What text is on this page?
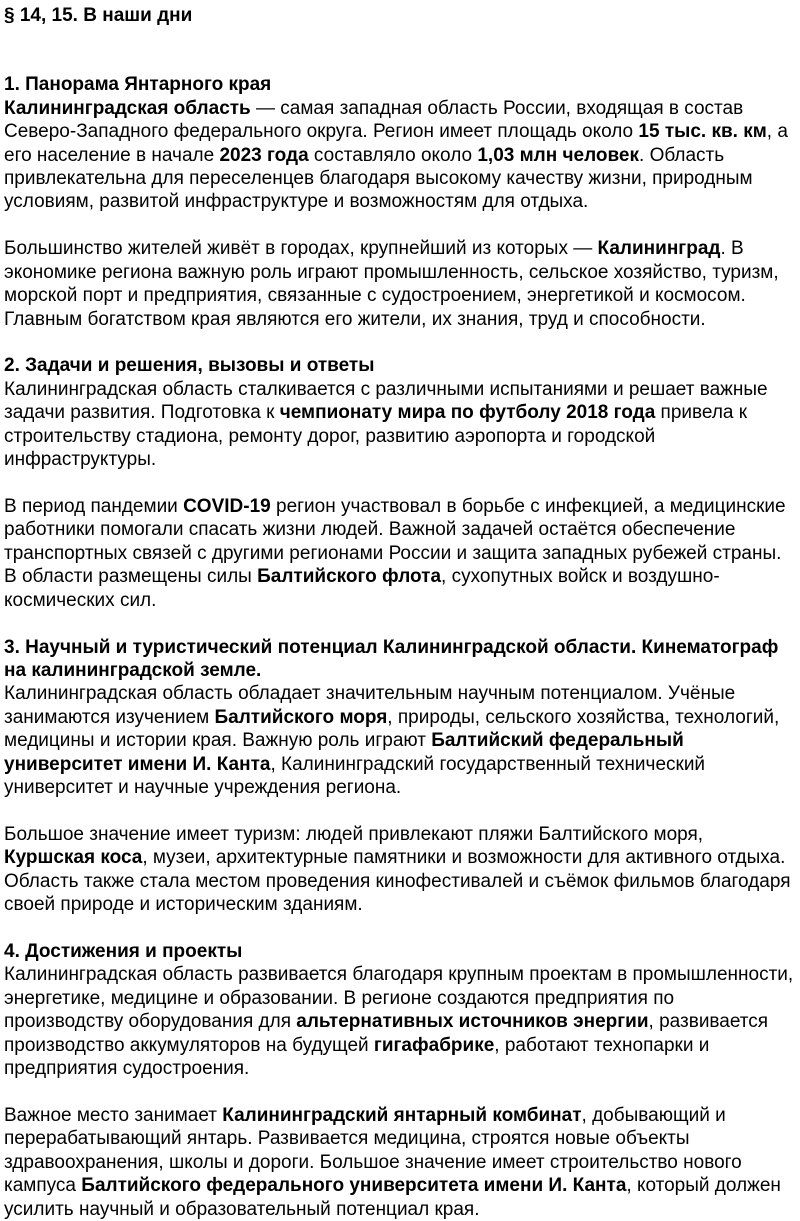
§ 14, 15. В наши дни
1. Панорама Янтарного края

Калининградская область — самая западная область России, входящая в состав Северо-Западного федерального округа. Регион имеет площадь около 15 тыс. кв. км, а его население в начале 2023 года составляло около 1,03 млн человек. Область привлекательна для переселенцев благодаря высокому качеству жизни, природным условиям, развитой инфраструктуре и возможностям для отдыха.

Большинство жителей живёт в городах, крупнейший из которых — Калининград. В экономике региона важную роль играют промышленность, сельское хозяйство, туризм, морской порт и предприятия, связанные с судостроением, энергетикой и космосом. Главным богатством края являются его жители, их знания, труд и способности.

2. Задачи и решения, вызовы и ответы

Калининградская область сталкивается с различными испытаниями и решает важные задачи развития. Подготовка к чемпионату мира по футболу 2018 года привела к строительству стадиона, ремонту дорог, развитию аэропорта и городской инфраструктуры.

В период пандемии COVID-19 регион участвовал в борьбе с инфекцией, а медицинские работники помогали спасать жизни людей. Важной задачей остаётся обеспечение транспортных связей с другими регионами России и защита западных рубежей страны. В области размещены силы Балтийского флота, сухопутных войск и воздушно-космических сил.

3. Научный и туристический потенциал Калининградской области. Кинематограф на калининградской земле.

Калининградская область обладает значительным научным потенциалом. Учёные занимаются изучением Балтийского моря, природы, сельского хозяйства, технологий, медицины и истории края. Важную роль играют Балтийский федеральный университет имени И. Канта, Калининградский государственный технический университет и научные учреждения региона.

Большое значение имеет туризм: людей привлекают пляжи Балтийского моря, Куршская коса, музеи, архитектурные памятники и возможности для активного отдыха. Область также стала местом проведения кинофестивалей и съёмок фильмов благодаря своей природе и историческим зданиям.

4. Достижения и проекты

Калининградская область развивается благодаря крупным проектам в промышленности, энергетике, медицине и образовании. В регионе создаются предприятия по производству оборудования для альтернативных источников энергии, развивается производство аккумуляторов на будущей гигафабрике, работают технопарки и предприятия судостроения.

Важное место занимает Калининградский янтарный комбинат, добывающий и перерабатывающий янтарь. Развивается медицина, строятся новые объекты здравоохранения, школы и дороги. Большое значение имеет строительство нового кампуса Балтийского федерального университета имени И. Канта, который должен усилить научный и образовательный потенциал края.
